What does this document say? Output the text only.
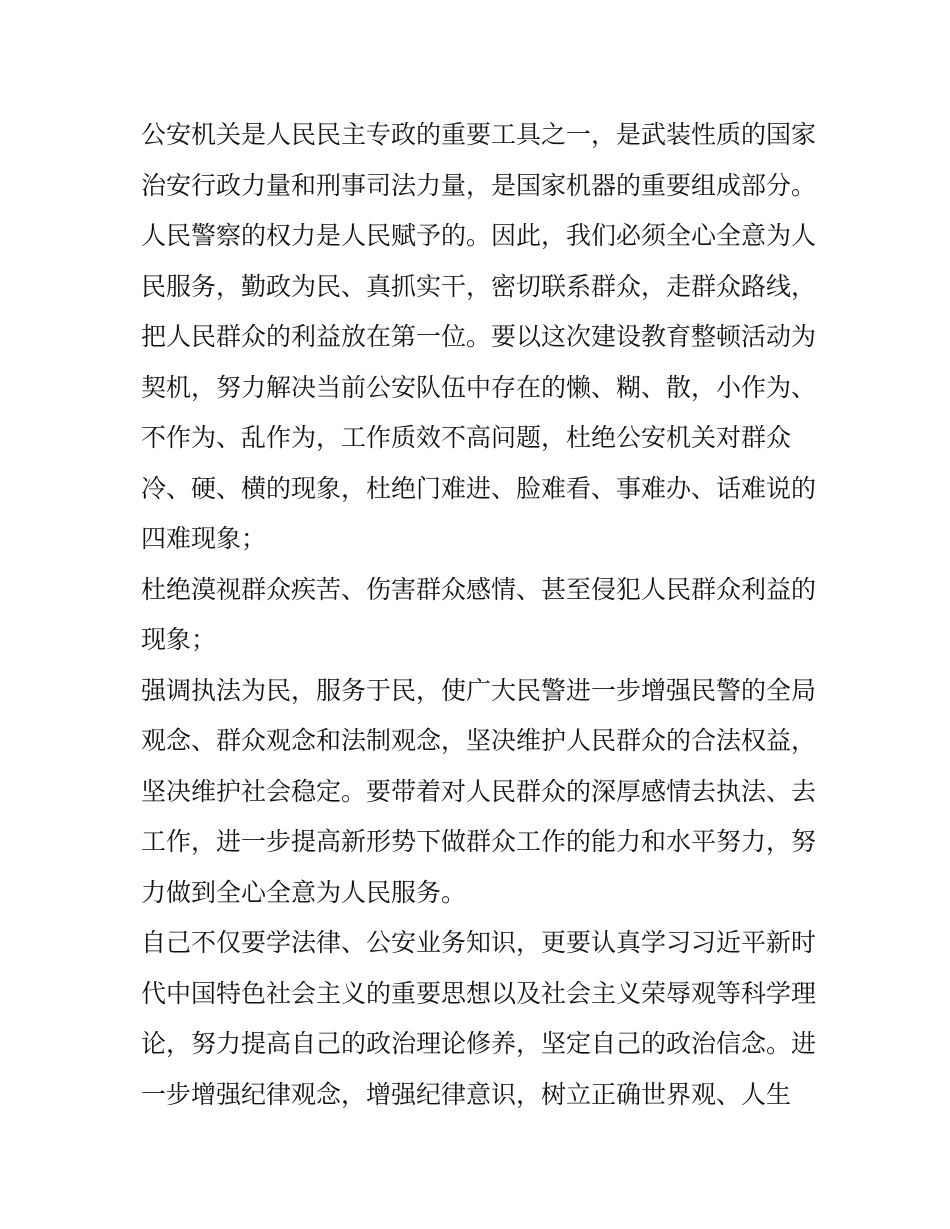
公安机关是人民民主专政的重要工具之一，是武装性质的国家
治安行政力量和刑事司法力量，是国家机器的重要组成部分。
人民警察的权力是人民赋予的。因此，我们必须全心全意为人
民服务，勤政为民、真抓实干，密切联系群众，走群众路线，
把人民群众的利益放在第一位。要以这次建设教育整顿活动为
契机，努力解决当前公安队伍中存在的懒、糊、散，小作为、
不作为、乱作为，工作质效不高问题，杜绝公安机关对群众
冷、硬、横的现象，杜绝门难进、脸难看、事难办、话难说的
四难现象；
杜绝漠视群众疾苦、伤害群众感情、甚至侵犯人民群众利益的
现象；
强调执法为民，服务于民，使广大民警进一步增强民警的全局
观念、群众观念和法制观念，坚决维护人民群众的合法权益，
坚决维护社会稳定。要带着对人民群众的深厚感情去执法、去
工作，进一步提高新形势下做群众工作的能力和水平努力，努
力做到全心全意为人民服务。
自己不仅要学法律、公安业务知识，更要认真学习习近平新时
代中国特色社会主义的重要思想以及社会主义荣辱观等科学理
论，努力提高自己的政治理论修养，坚定自己的政治信念。进
一步增强纪律观念，增强纪律意识，树立正确世界观、人生
